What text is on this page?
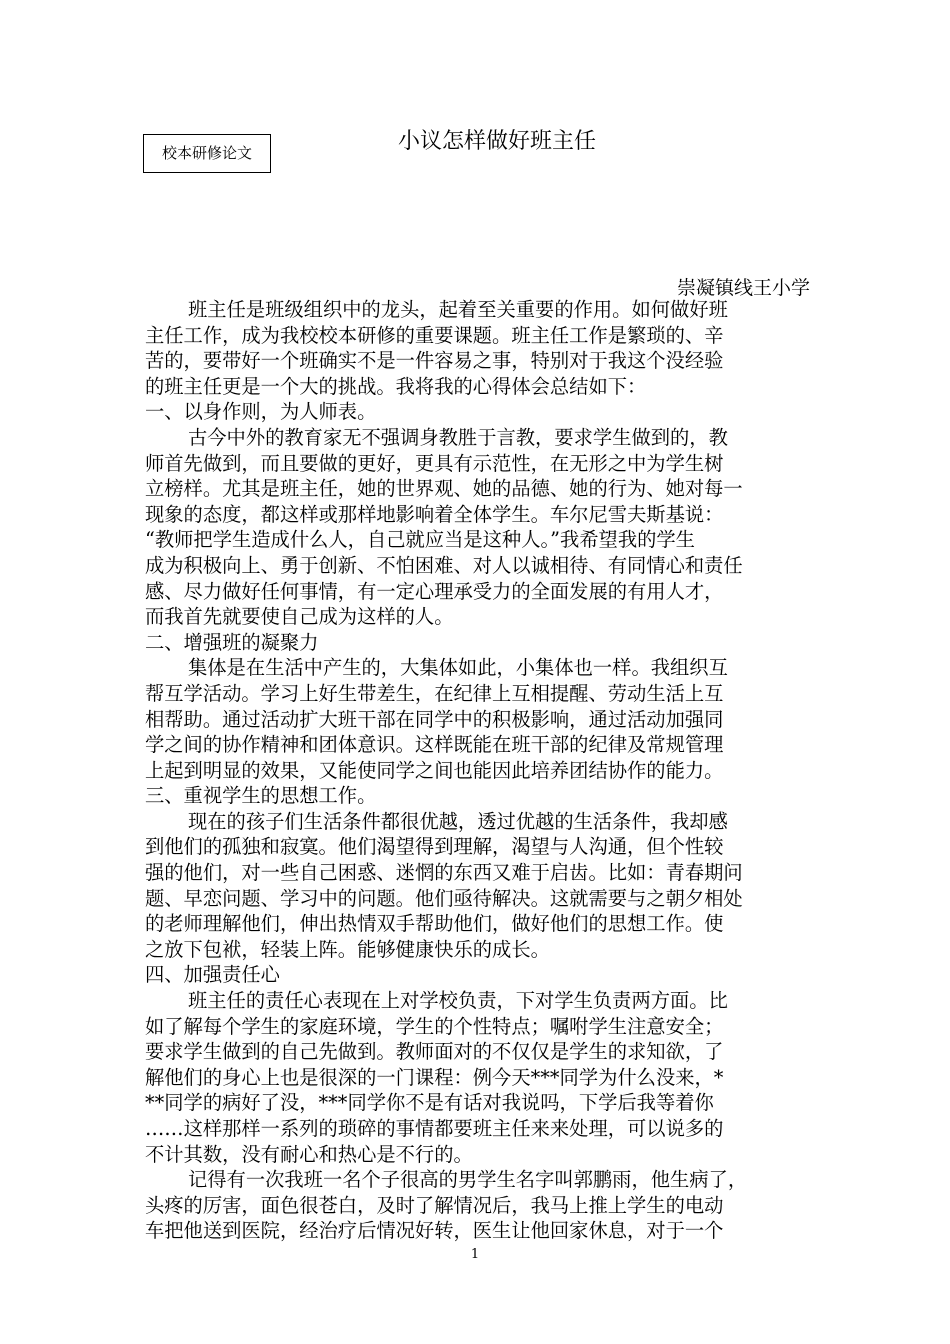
校本研修论文	小议怎样做好班主任
崇凝镇线王小学
班主任是班级组织中的龙头，起着至关重要的作用。如何做好班
主任工作，成为我校校本研修的重要课题。班主任工作是繁琐的、辛
苦的，要带好一个班确实不是一件容易之事，特别对于我这个没经验
的班主任更是一个大的挑战。我将我的心得体会总结如下：
一、以身作则，为人师表。
古今中外的教育家无不强调身教胜于言教，要求学生做到的，教
师首先做到，而且要做的更好，更具有示范性，在无形之中为学生树
立榜样。尤其是班主任，她的世界观、她的品德、她的行为、她对每一
现象的态度，都这样或那样地影响着全体学生。车尔尼雪夫斯基说：
“教师把学生造成什么人，自己就应当是这种人。”我希望我的学生
成为积极向上、勇于创新、不怕困难、对人以诚相待、有同情心和责任
感、尽力做好任何事情，有一定心理承受力的全面发展的有用人才，
而我首先就要使自己成为这样的人。
二、增强班的凝聚力
集体是在生活中产生的，大集体如此，小集体也一样。我组织互
帮互学活动。学习上好生带差生，在纪律上互相提醒、劳动生活上互
相帮助。通过活动扩大班干部在同学中的积极影响，通过活动加强同
学之间的协作精神和团体意识。这样既能在班干部的纪律及常规管理
上起到明显的效果，又能使同学之间也能因此培养团结协作的能力。
三、重视学生的思想工作。
现在的孩子们生活条件都很优越，透过优越的生活条件，我却感
到他们的孤独和寂寞。他们渴望得到理解，渴望与人沟通，但个性较
强的他们，对一些自己困惑、迷惘的东西又难于启齿。比如：青春期问
题、早恋问题、学习中的问题。他们亟待解决。这就需要与之朝夕相处
的老师理解他们，伸出热情双手帮助他们，做好他们的思想工作。使
之放下包袱，轻装上阵。能够健康快乐的成长。
四、加强责任心
班主任的责任心表现在上对学校负责，下对学生负责两方面。比
如了解每个学生的家庭环境，学生的个性特点；嘱咐学生注意安全；
要求学生做到的自己先做到。教师面对的不仅仅是学生的求知欲，了
解他们的身心上也是很深的一门课程：例今天***同学为什么没来，*
**同学的病好了没，***同学你不是有话对我说吗，下学后我等着你
……这样那样一系列的琐碎的事情都要班主任来来处理，可以说多的
不计其数，没有耐心和热心是不行的。
记得有一次我班一名个子很高的男学生名字叫郭鹏雨，他生病了，
头疼的厉害，面色很苍白，及时了解情况后，我马上推上学生的电动
车把他送到医院，经治疗后情况好转，医生让他回家休息，对于一个
1
